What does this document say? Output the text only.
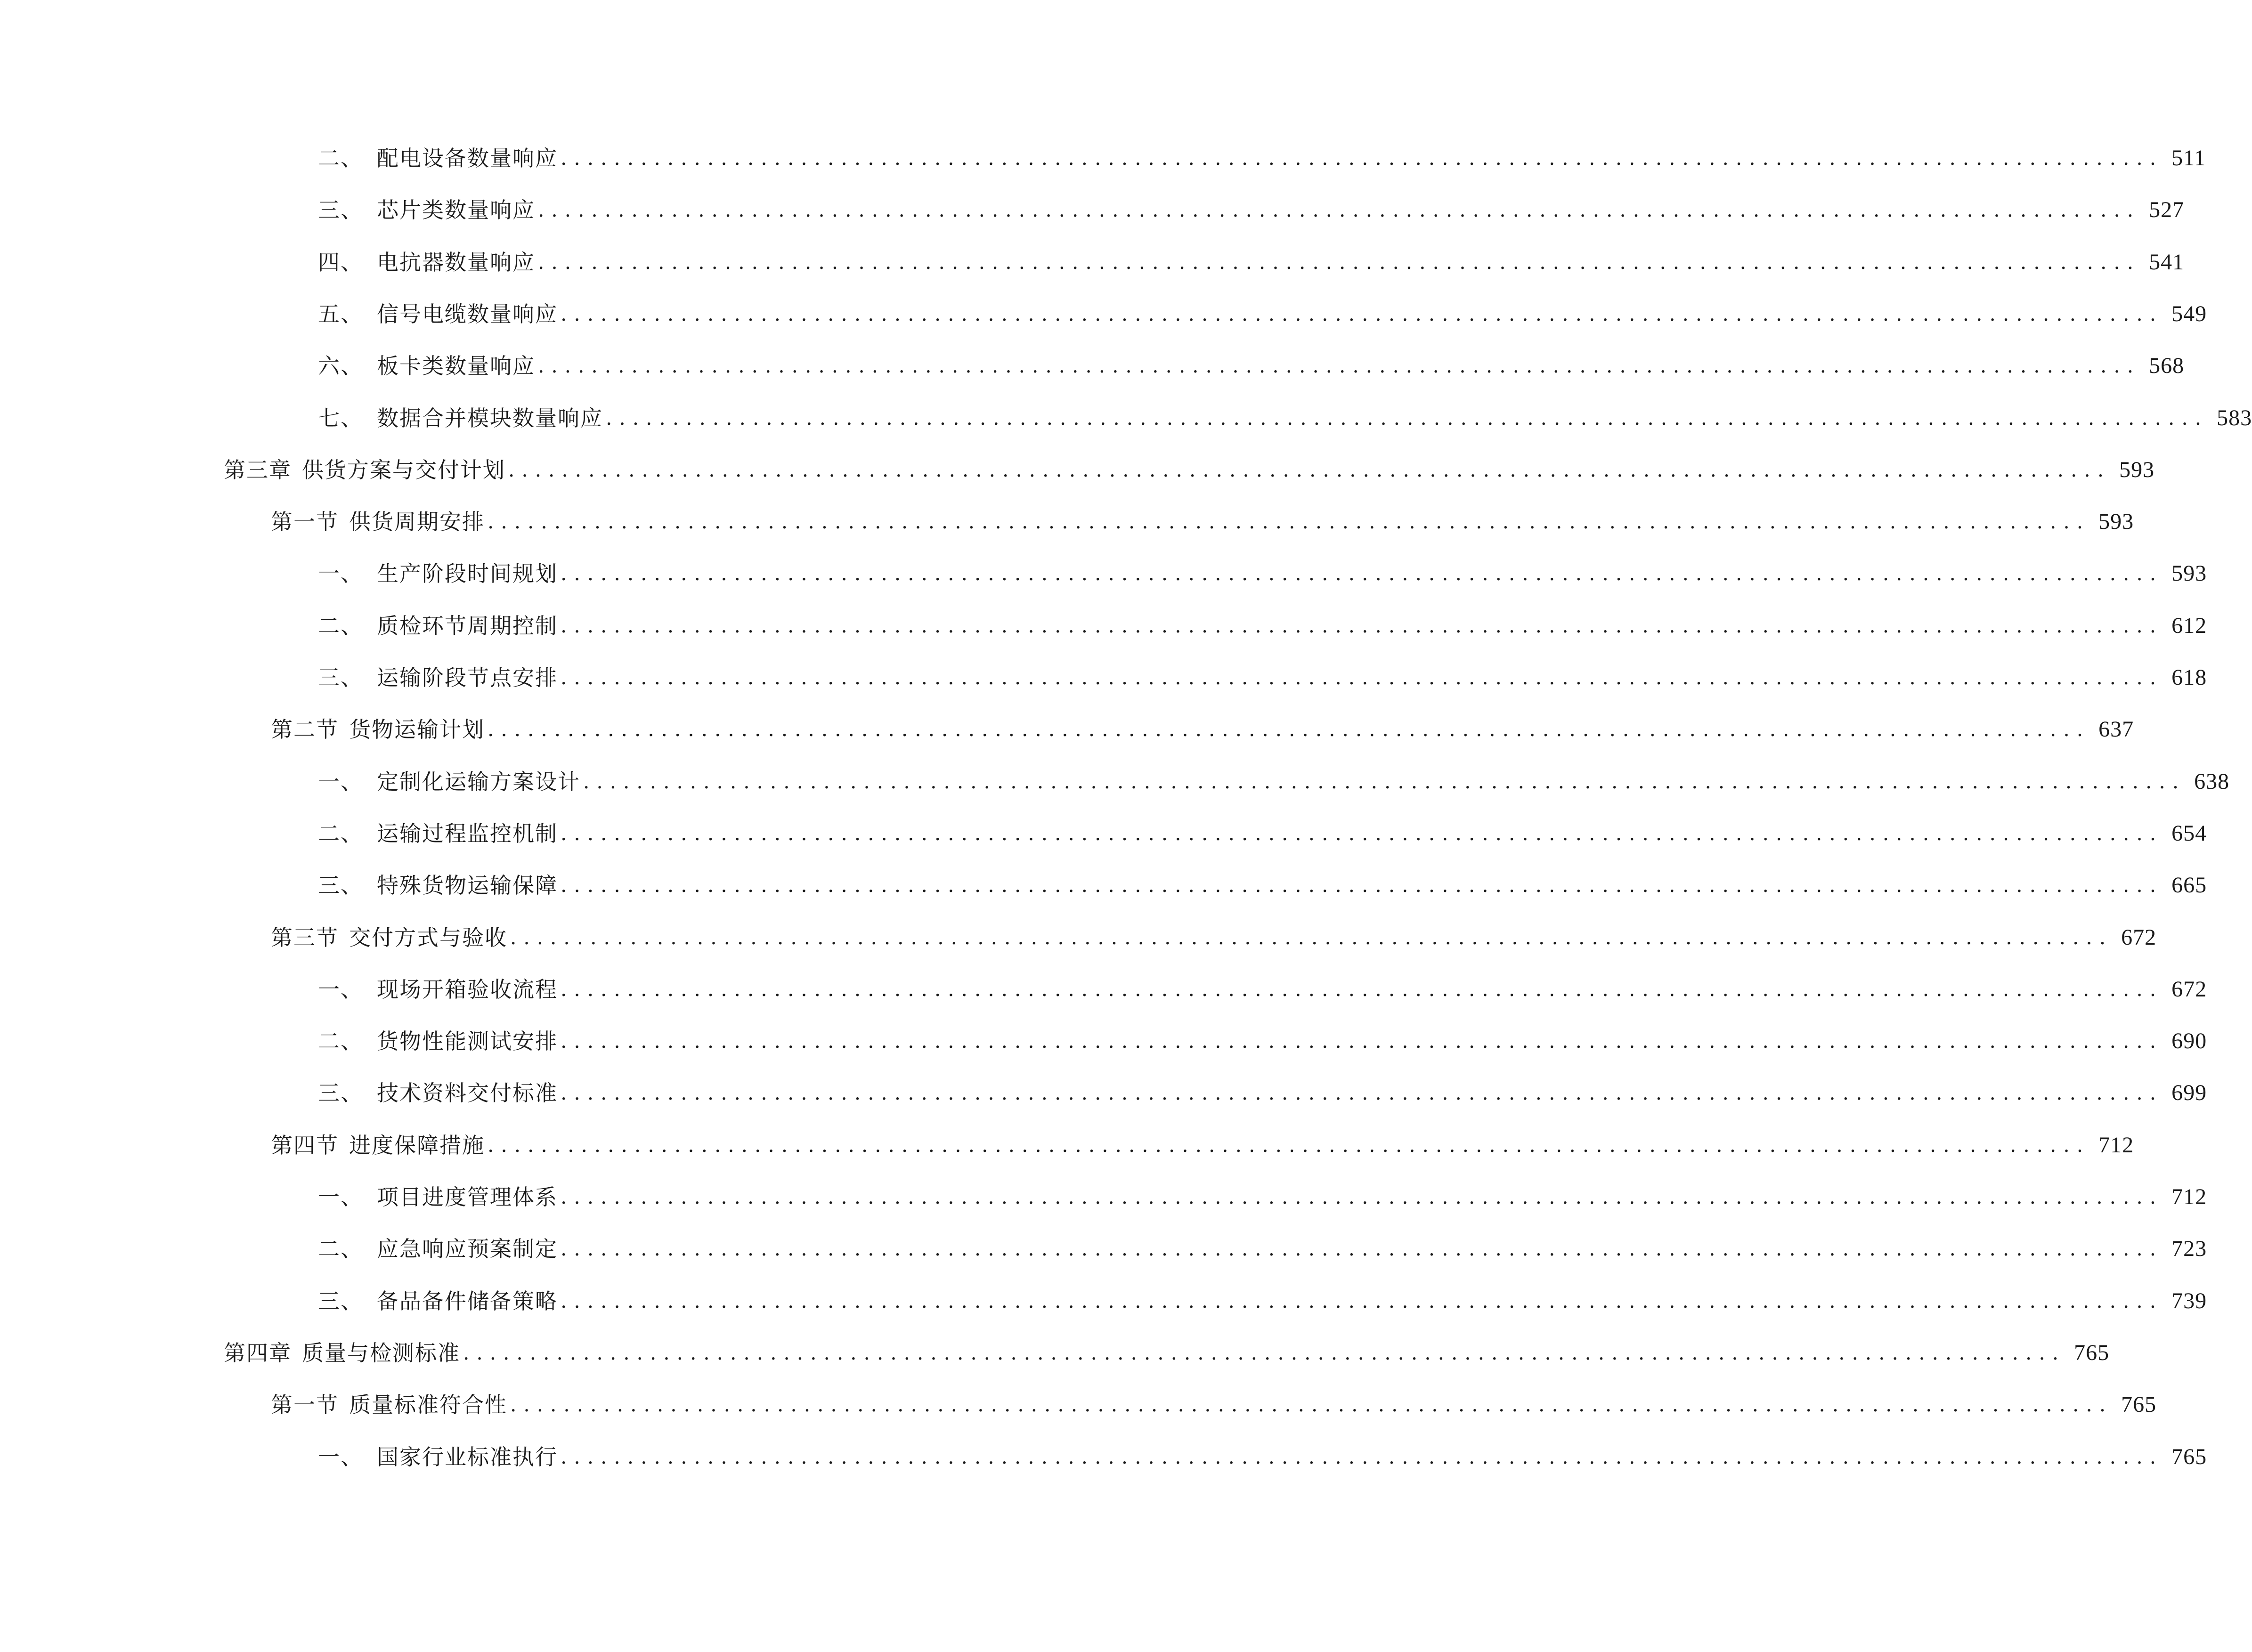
二、 配电设备数量响应 ........................................................................................................................ 511
三、 芯片类数量响应 ........................................................................................................................ 527
四、 电抗器数量响应 ........................................................................................................................ 541
五、 信号电缆数量响应 ........................................................................................................................ 549
六、 板卡类数量响应 ........................................................................................................................ 568
七、 数据合并模块数量响应 ........................................................................................................................ 583
第三章 供货方案与交付计划 ........................................................................................................................ 593
第一节 供货周期安排 ........................................................................................................................ 593
一、 生产阶段时间规划 ........................................................................................................................ 593
二、 质检环节周期控制 ........................................................................................................................ 612
三、 运输阶段节点安排 ........................................................................................................................ 618
第二节 货物运输计划 ........................................................................................................................ 637
一、 定制化运输方案设计 ........................................................................................................................ 638
二、 运输过程监控机制 ........................................................................................................................ 654
三、 特殊货物运输保障 ........................................................................................................................ 665
第三节 交付方式与验收 ........................................................................................................................ 672
一、 现场开箱验收流程 ........................................................................................................................ 672
二、 货物性能测试安排 ........................................................................................................................ 690
三、 技术资料交付标准 ........................................................................................................................ 699
第四节 进度保障措施 ........................................................................................................................ 712
一、 项目进度管理体系 ........................................................................................................................ 712
二、 应急响应预案制定 ........................................................................................................................ 723
三、 备品备件储备策略 ........................................................................................................................ 739
第四章 质量与检测标准 ........................................................................................................................ 765
第一节 质量标准符合性 ........................................................................................................................ 765
一、 国家行业标准执行 ........................................................................................................................ 765
